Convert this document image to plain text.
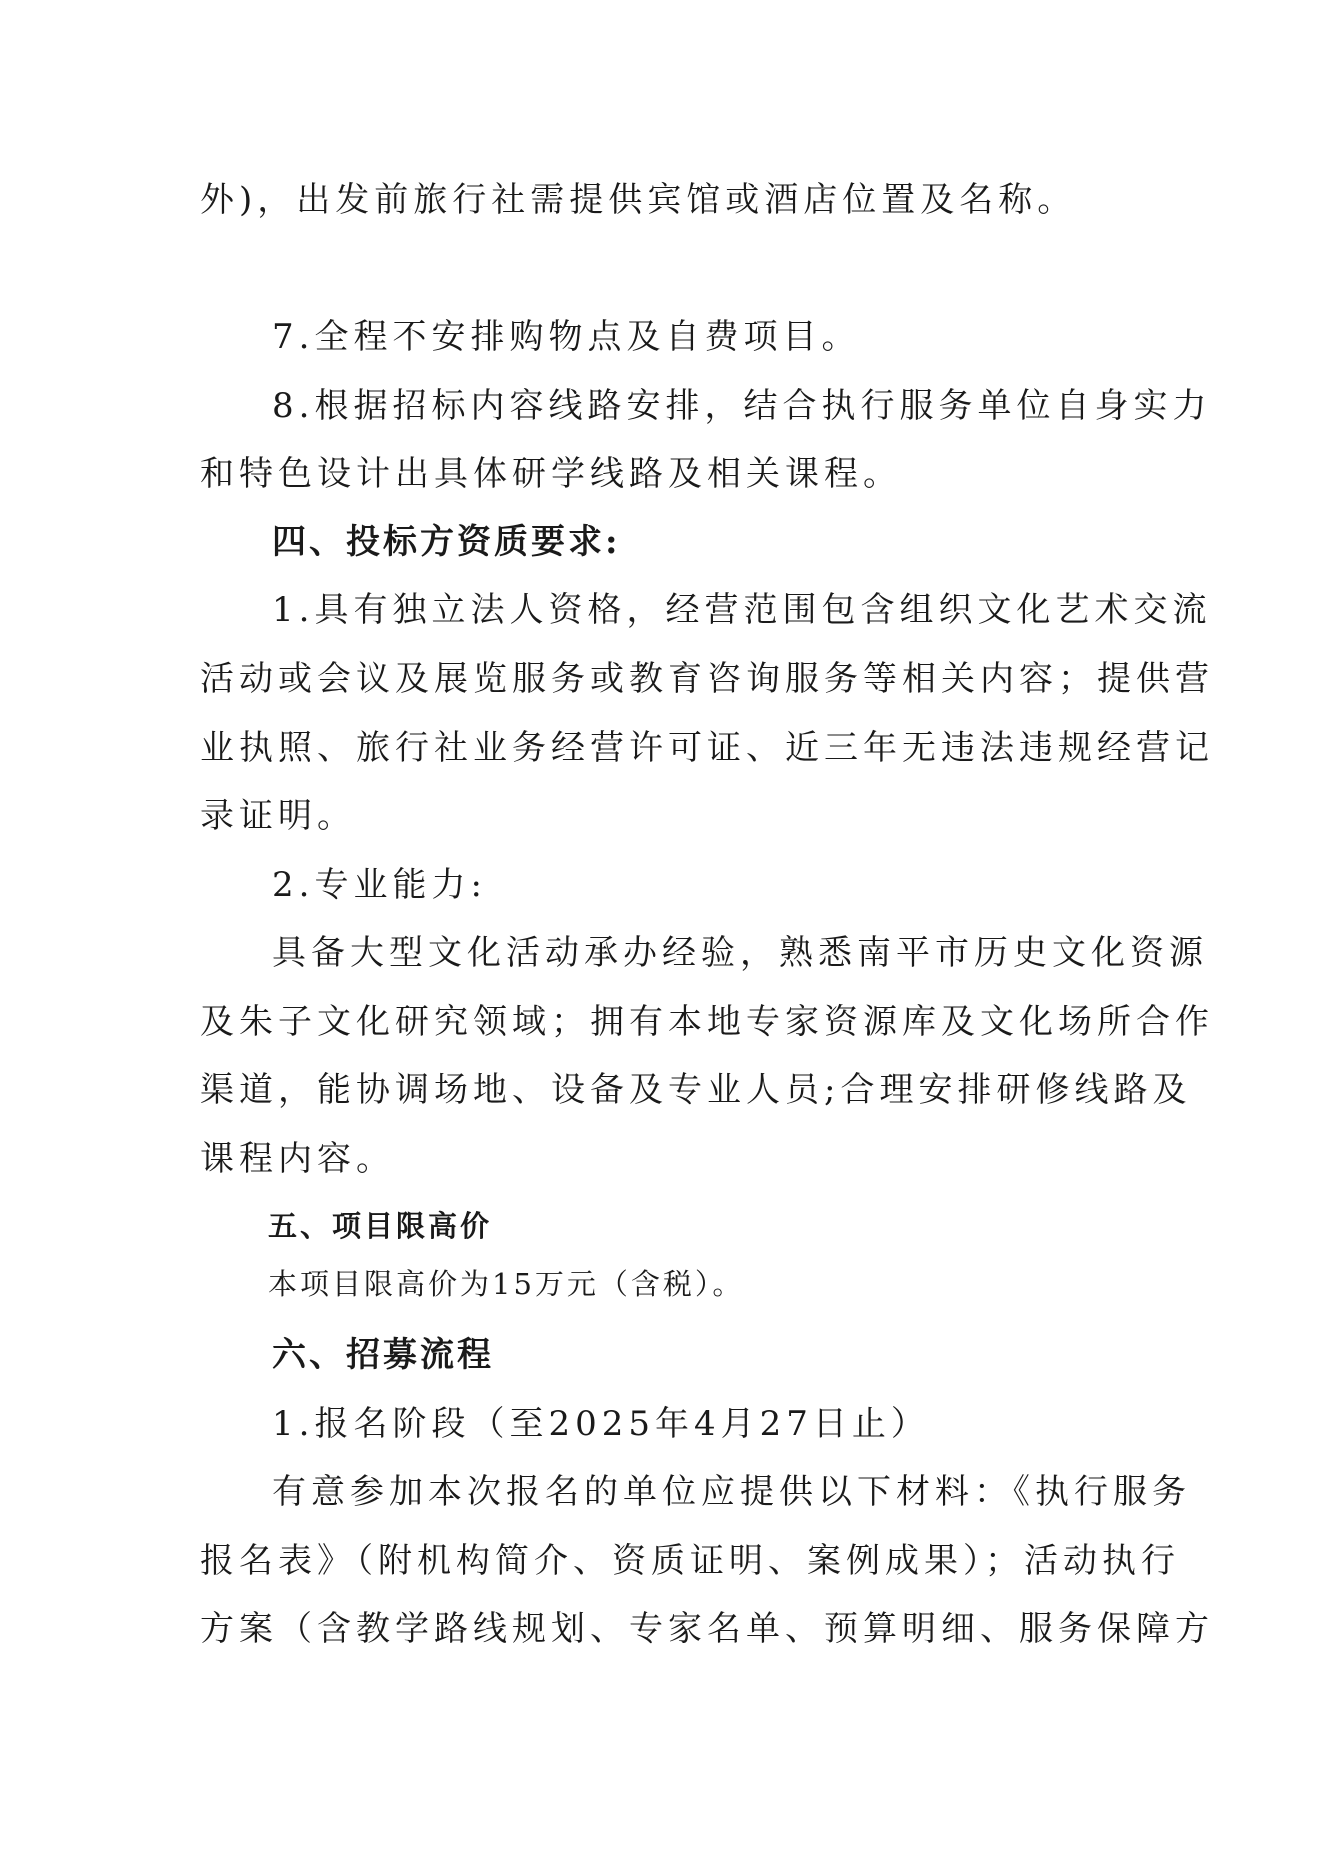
外)，出发前旅行社需提供宾馆或酒店位置及名称。
7.全程不安排购物点及自费项目。
8.根据招标内容线路安排，结合执行服务单位自身实力
和特色设计出具体研学线路及相关课程。
四、投标方资质要求:
1.具有独立法人资格，经营范围包含组织文化艺术交流
活动或会议及展览服务或教育咨询服务等相关内容；提供营
业执照、旅行社业务经营许可证、近三年无违法违规经营记
录证明。
2.专业能力:
具备大型文化活动承办经验，熟悉南平市历史文化资源
及朱子文化研究领域；拥有本地专家资源库及文化场所合作
渠道，能协调场地、设备及专业人员;合理安排研修线路及
课程内容。
五、项目限高价
本项目限高价为15万元（含税）。
六、招募流程
1.报名阶段（至2025年4月27日止）
有意参加本次报名的单位应提供以下材料：《执行服务
报名表》（附机构简介、资质证明、案例成果）；活动执行
方案（含教学路线规划、专家名单、预算明细、服务保障方
